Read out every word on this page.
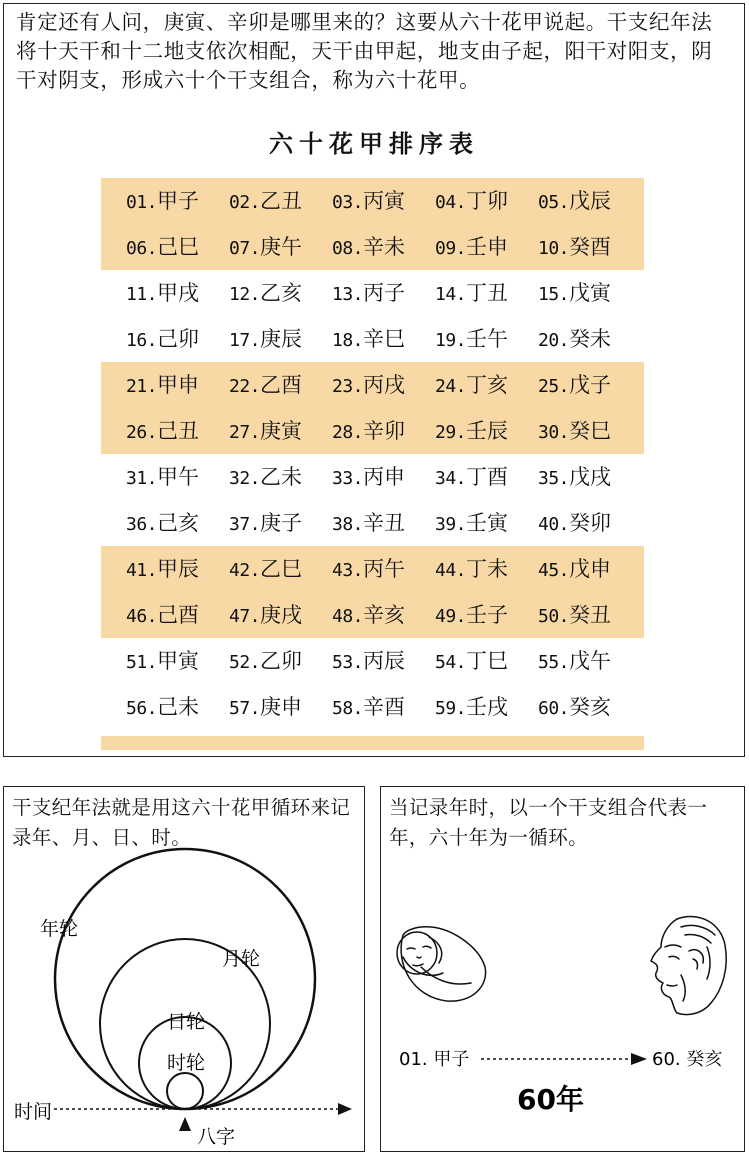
肯定还有人问，庚寅、辛卯是哪里来的？这要从六十花甲说起。干支纪年法将十天干和十二地支依次相配，天干由甲起，地支由子起，阳干对阳支，阴干对阴支，形成六十个干支组合，称为六十花甲。

六十花甲排序表
01.甲子 02.乙丑 03.丙寅 04.丁卯 05.戊辰
06.己巳 07.庚午 08.辛未 09.壬申 10.癸酉
11.甲戌 12.乙亥 13.丙子 14.丁丑 15.戊寅
16.己卯 17.庚辰 18.辛巳 19.壬午 20.癸未
21.甲申 22.乙酉 23.丙戌 24.丁亥 25.戊子
26.己丑 27.庚寅 28.辛卯 29.壬辰 30.癸巳
31.甲午 32.乙未 33.丙申 34.丁酉 35.戊戌
36.己亥 37.庚子 38.辛丑 39.壬寅 40.癸卯
41.甲辰 42.乙巳 43.丙午 44.丁未 45.戊申
46.己酉 47.庚戌 48.辛亥 49.壬子 50.癸丑
51.甲寅 52.乙卯 53.丙辰 54.丁巳 55.戊午
56.己未 57.庚申 58.辛酉 59.壬戌 60.癸亥

干支纪年法就是用这六十花甲循环来记录年、月、日、时。

年轮
月轮
日轮
时轮
时间
八字

当记录年时，以一个干支组合代表一年，六十年为一循环。

01. 甲子	60. 癸亥
60年
